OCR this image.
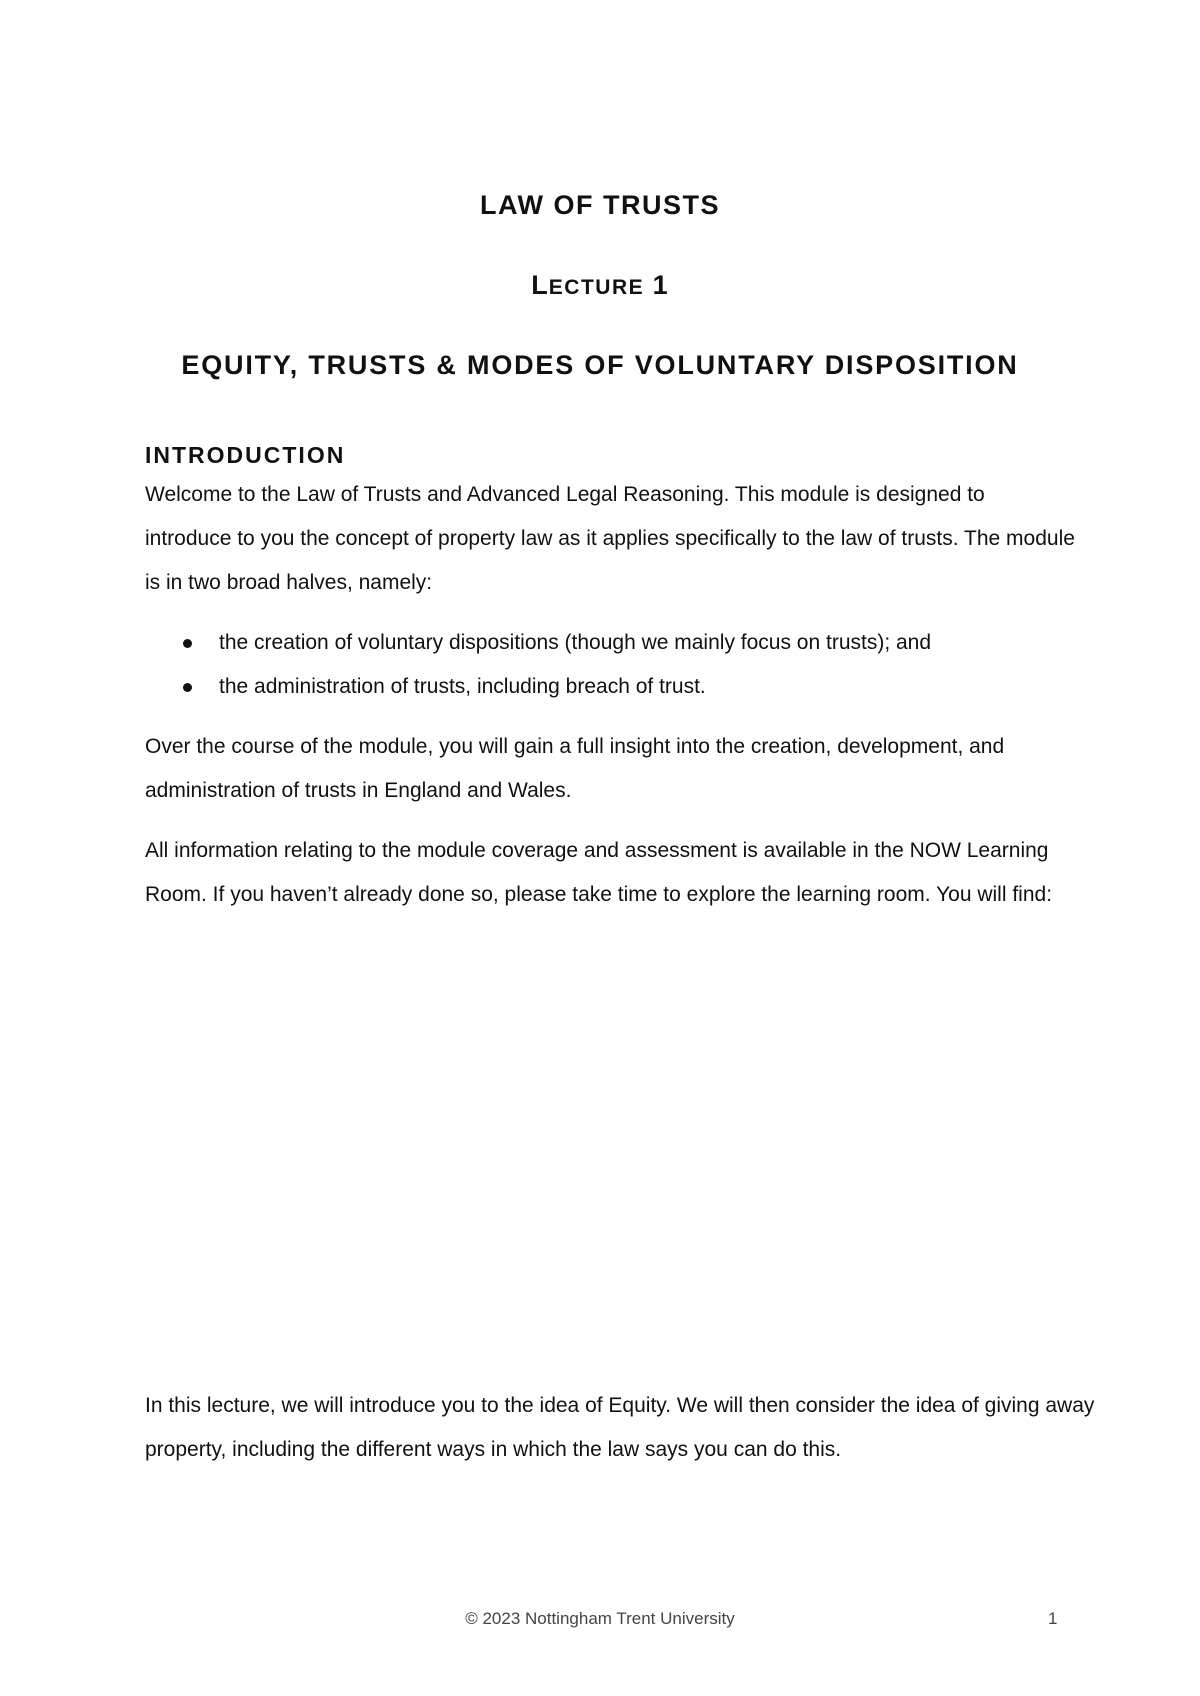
LAW OF TRUSTS
LECTURE 1
EQUITY, TRUSTS & MODES OF VOLUNTARY DISPOSITION
INTRODUCTION

Welcome to the Law of Trusts and Advanced Legal Reasoning. This module is designed to introduce to you the concept of property law as it applies specifically to the law of trusts. The module is in two broad halves, namely:

the creation of voluntary dispositions (though we mainly focus on trusts); and
the administration of trusts, including breach of trust.

Over the course of the module, you will gain a full insight into the creation, development, and administration of trusts in England and Wales.

All information relating to the module coverage and assessment is available in the NOW Learning Room. If you haven’t already done so, please take time to explore the learning room. You will find:

In this lecture, we will introduce you to the idea of Equity. We will then consider the idea of giving away property, including the different ways in which the law says you can do this.
© 2023 Nottingham Trent University	1
